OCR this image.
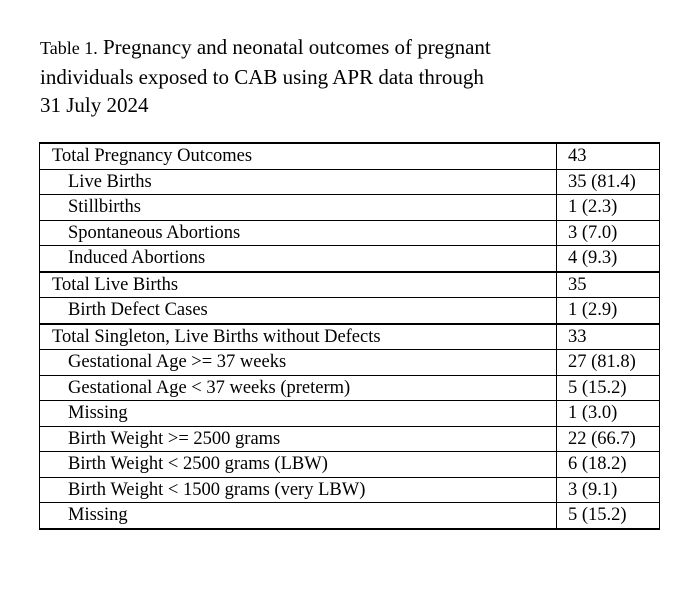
Table 1. Pregnancy and neonatal outcomes of pregnant
individuals exposed to CAB using APR data through
31 July 2024
Total Pregnancy Outcomes	43
Live Births	35 (81.4)
Stillbirths	1 (2.3)
Spontaneous Abortions	3 (7.0)
Induced Abortions	4 (9.3)
Total Live Births	35
Birth Defect Cases	1 (2.9)
Total Singleton, Live Births without Defects	33
Gestational Age >= 37 weeks	27 (81.8)
Gestational Age < 37 weeks (preterm)	5 (15.2)
Missing	1 (3.0)
Birth Weight >= 2500 grams	22 (66.7)
Birth Weight < 2500 grams (LBW)	6 (18.2)
Birth Weight < 1500 grams (very LBW)	3 (9.1)
Missing	5 (15.2)
